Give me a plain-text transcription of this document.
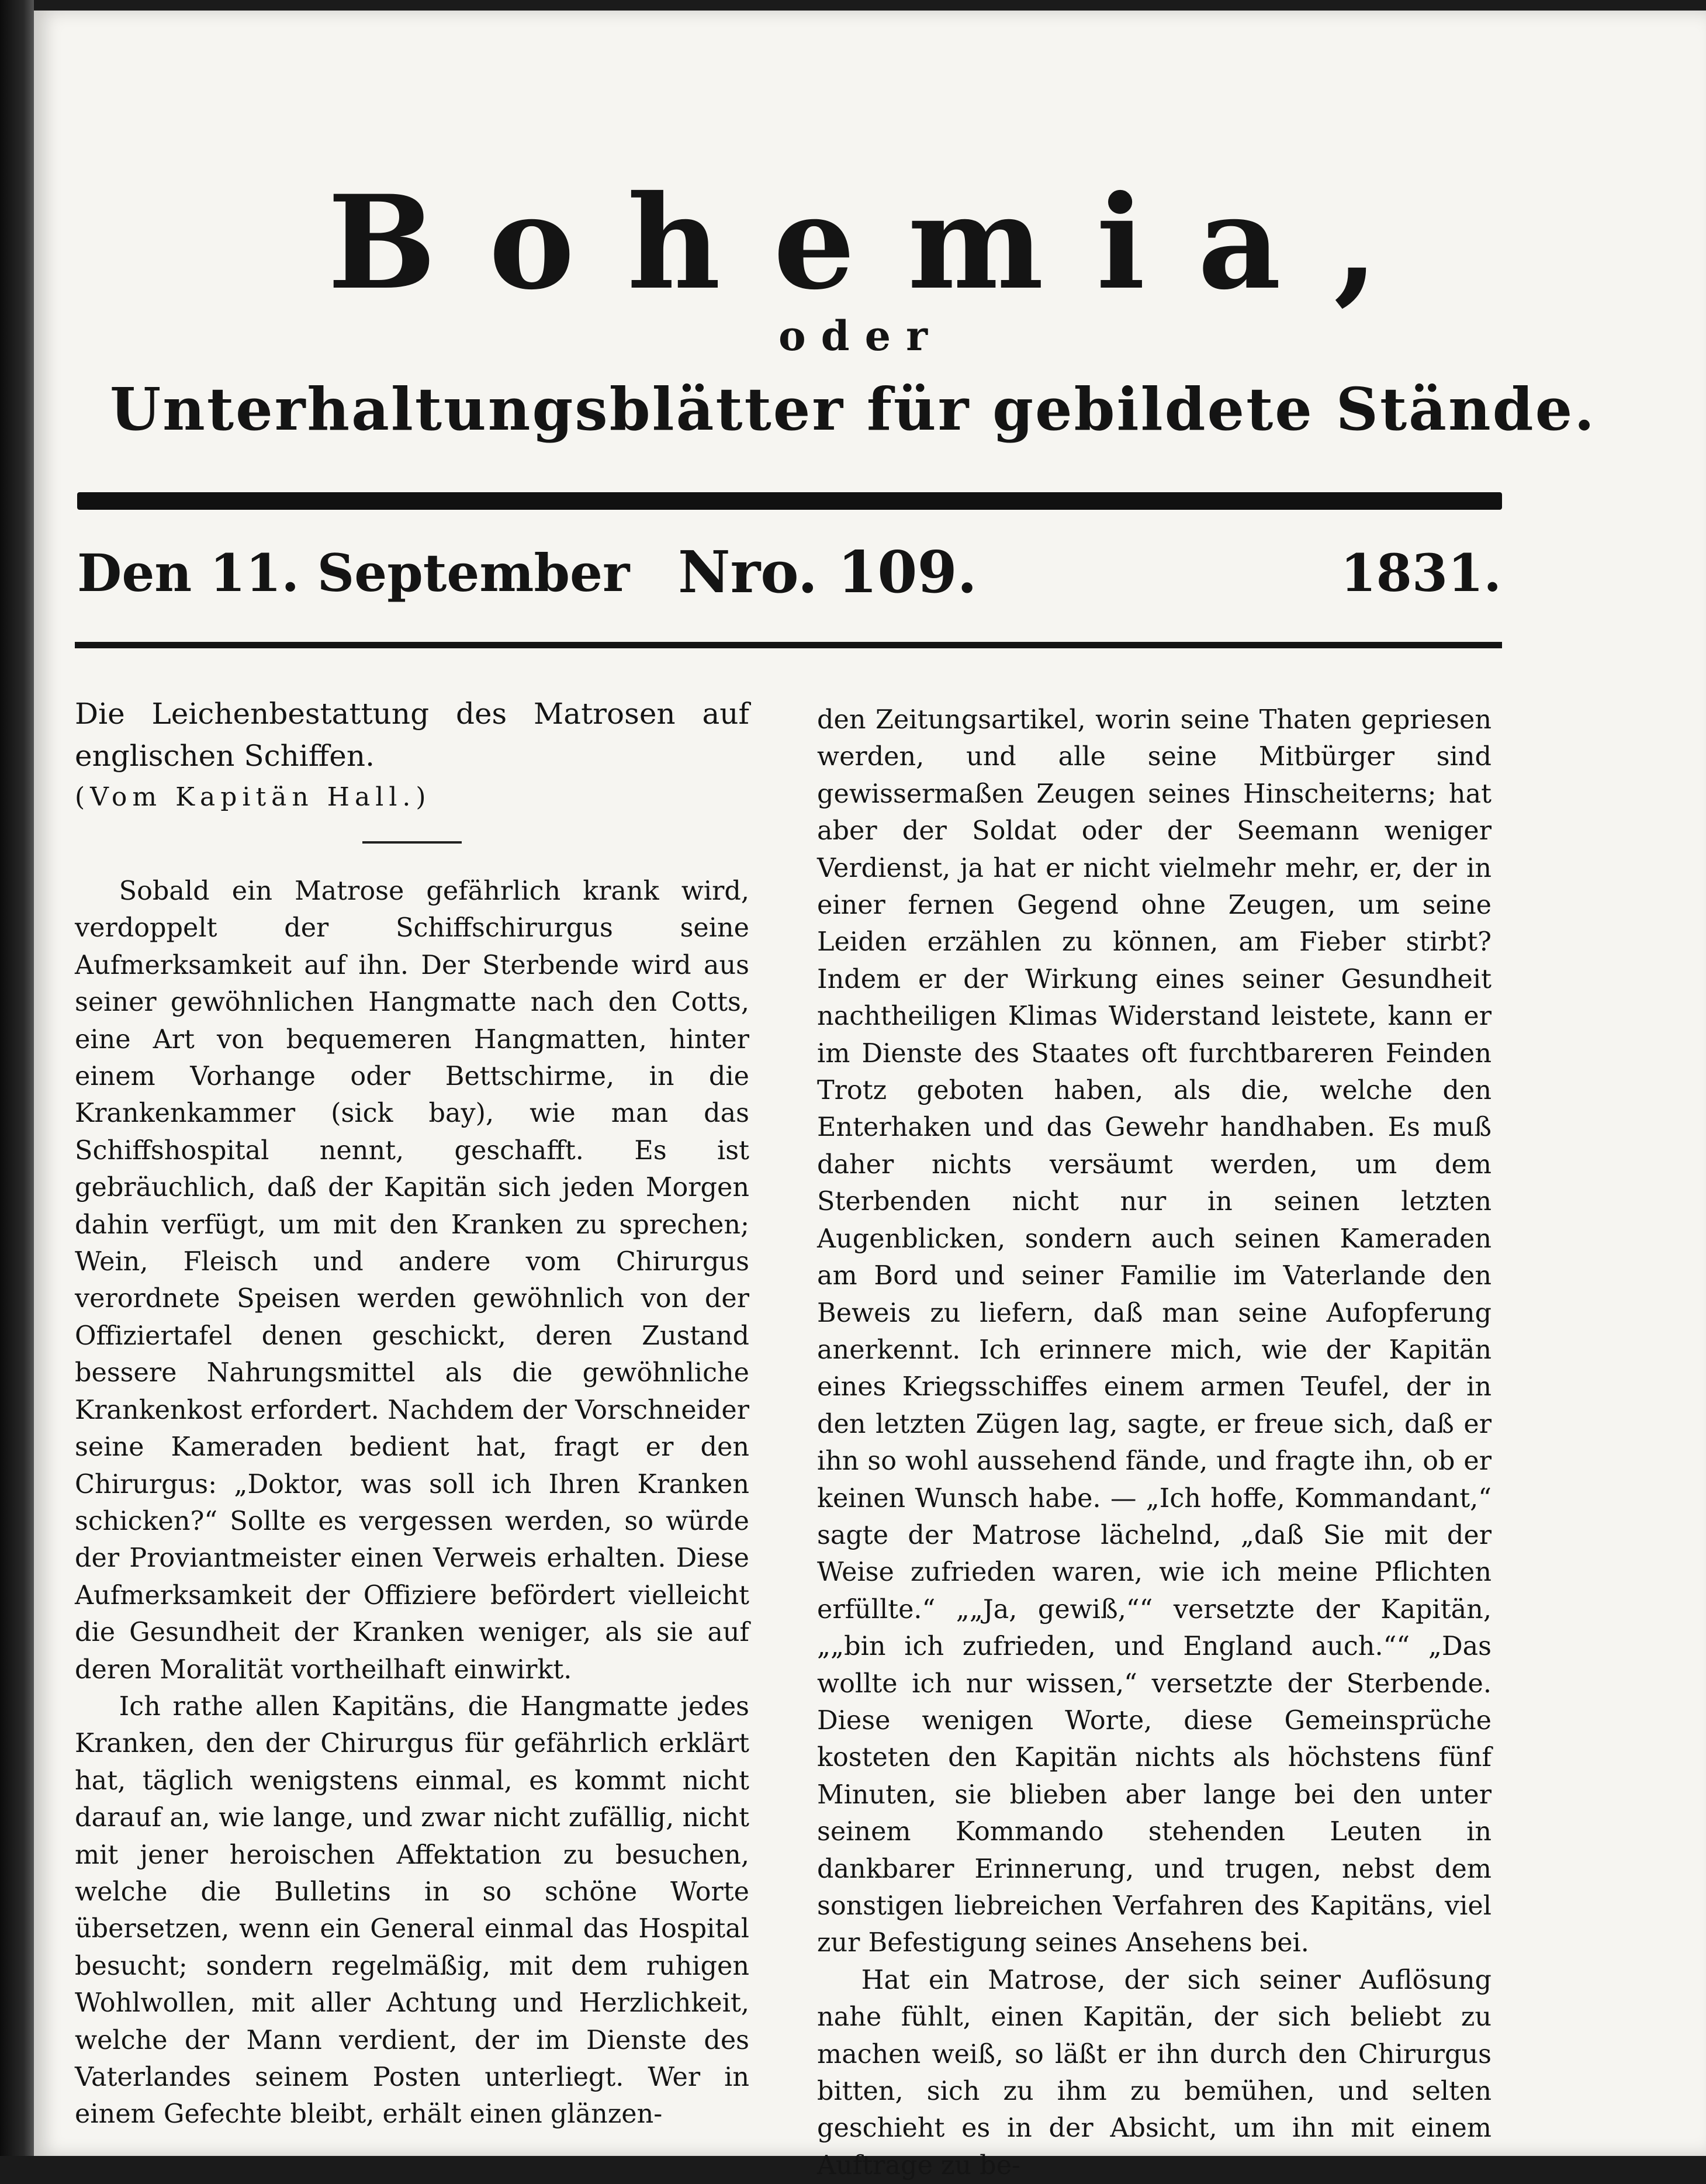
Bohemia,
oder
Unterhaltungsblätter für gebildete Stände.
Den 11. September Nro. 109.	1831.

Die Leichenbestattung des Matrosen auf englischen Schiffen.

(Vom Kapitän Hall.)

Sobald ein Matrose gefährlich krank wird, verdoppelt der Schiffschirurgus seine Aufmerksamkeit auf ihn. Der Sterbende wird aus seiner gewöhnlichen Hangmatte nach den Cotts, eine Art von bequemeren Hangmatten, hinter einem Vorhange oder Bettschirme, in die Krankenkammer (sick bay), wie man das Schiffshospital nennt, geschafft. Es ist gebräuchlich, daß der Kapitän sich jeden Morgen dahin verfügt, um mit den Kranken zu sprechen; Wein, Fleisch und andere vom Chirurgus verordnete Speisen werden gewöhnlich von der Offiziertafel denen geschickt, deren Zustand bessere Nahrungsmittel als die gewöhnliche Krankenkost erfordert. Nachdem der Vorschneider seine Kameraden bedient hat, fragt er den Chirurgus: „Doktor, was soll ich Ihren Kranken schicken?“ Sollte es vergessen werden, so würde der Proviantmeister einen Verweis erhalten. Diese Aufmerksamkeit der Offiziere befördert vielleicht die Gesundheit der Kranken weniger, als sie auf deren Moralität vortheilhaft einwirkt.

Ich rathe allen Kapitäns, die Hangmatte jedes Kranken, den der Chirurgus für gefährlich erklärt hat, täglich wenigstens einmal, es kommt nicht darauf an, wie lange, und zwar nicht zufällig, nicht mit jener heroischen Affektation zu besuchen, welche die Bulletins in so schöne Worte übersetzen, wenn ein General einmal das Hospital besucht; sondern regelmäßig, mit dem ruhigen Wohlwollen, mit aller Achtung und Herzlichkeit, welche der Mann verdient, der im Dienste des Vaterlandes seinem Posten unterliegt. Wer in einem Gefechte bleibt, erhält einen glänzen-

den Zeitungsartikel, worin seine Thaten gepriesen werden, und alle seine Mitbürger sind gewissermaßen Zeugen seines Hinscheiterns; hat aber der Soldat oder der Seemann weniger Verdienst, ja hat er nicht vielmehr mehr, er, der in einer fernen Gegend ohne Zeugen, um seine Leiden erzählen zu können, am Fieber stirbt? Indem er der Wirkung eines seiner Gesundheit nachtheiligen Klimas Widerstand leistete, kann er im Dienste des Staates oft furchtbareren Feinden Trotz geboten haben, als die, welche den Enterhaken und das Gewehr handhaben. Es muß daher nichts versäumt werden, um dem Sterbenden nicht nur in seinen letzten Augenblicken, sondern auch seinen Kameraden am Bord und seiner Familie im Vaterlande den Beweis zu liefern, daß man seine Aufopferung anerkennt. Ich erinnere mich, wie der Kapitän eines Kriegsschiffes einem armen Teufel, der in den letzten Zügen lag, sagte, er freue sich, daß er ihn so wohl aussehend fände, und fragte ihn, ob er keinen Wunsch habe. — „Ich hoffe, Kommandant,“ sagte der Matrose lächelnd, „daß Sie mit der Weise zufrieden waren, wie ich meine Pflichten erfüllte.“ „„Ja, gewiß,““ versetzte der Kapitän, „„bin ich zufrieden, und England auch.““ „Das wollte ich nur wissen,“ versetzte der Sterbende. Diese wenigen Worte, diese Gemeinsprüche kosteten den Kapitän nichts als höchstens fünf Minuten, sie blieben aber lange bei den unter seinem Kommando stehenden Leuten in dankbarer Erinnerung, und trugen, nebst dem sonstigen liebreichen Verfahren des Kapitäns, viel zur Befestigung seines Ansehens bei.

Hat ein Matrose, der sich seiner Auflösung nahe fühlt, einen Kapitän, der sich beliebt zu machen weiß, so läßt er ihn durch den Chirurgus bitten, sich zu ihm zu bemühen, und selten geschieht es in der Absicht, um ihn mit einem Auftrage zu be-
